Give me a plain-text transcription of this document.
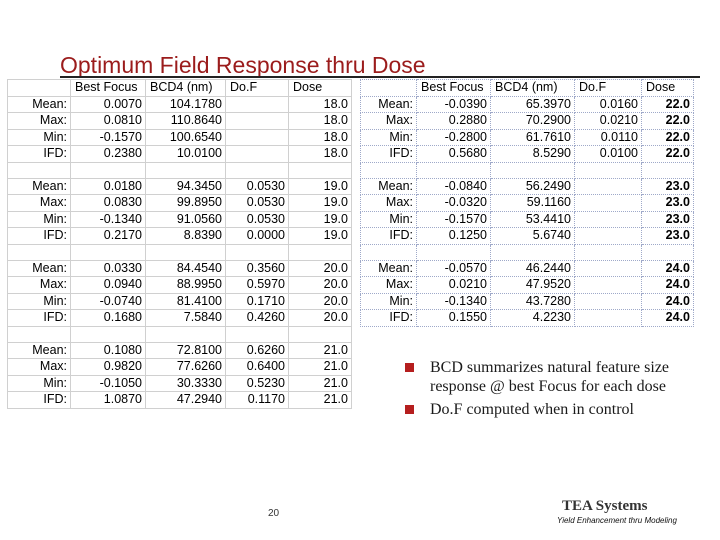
Optimum Field Response thru Dose
	Best Focus	BCD4 (nm)	Do.F	Dose
Mean:	0.0070	104.1780		18.0
Max:	0.0810	110.8640		18.0
Min:	-0.1570	100.6540		18.0
IFD:	0.2380	10.0100		18.0

Mean:	0.0180	94.3450	0.0530	19.0
Max:	0.0830	99.8950	0.0530	19.0
Min:	-0.1340	91.0560	0.0530	19.0
IFD:	0.2170	8.8390	0.0000	19.0

Mean:	0.0330	84.4540	0.3560	20.0
Max:	0.0940	88.9950	0.5970	20.0
Min:	-0.0740	81.4100	0.1710	20.0
IFD:	0.1680	7.5840	0.4260	20.0

Mean:	0.1080	72.8100	0.6260	21.0
Max:	0.9820	77.6260	0.6400	21.0
Min:	-0.1050	30.3330	0.5230	21.0
IFD:	1.0870	47.2940	0.1170	21.0
	Best Focus	BCD4 (nm)	Do.F	Dose
Mean:	-0.0390	65.3970	0.0160	22.0
Max:	0.2880	70.2900	0.0210	22.0
Min:	-0.2800	61.7610	0.0110	22.0
IFD:	0.5680	8.5290	0.0100	22.0

Mean:	-0.0840	56.2490		23.0
Max:	-0.0320	59.1160		23.0
Min:	-0.1570	53.4410		23.0
IFD:	0.1250	5.6740		23.0

Mean:	-0.0570	46.2440		24.0
Max:	0.0210	47.9520		24.0
Min:	-0.1340	43.7280		24.0
IFD:	0.1550	4.2230		24.0
BCD summarizes natural feature size response @ best Focus for each dose
Do.F computed when in control
20	TEA Systems
Yield Enhancement thru Modeling
